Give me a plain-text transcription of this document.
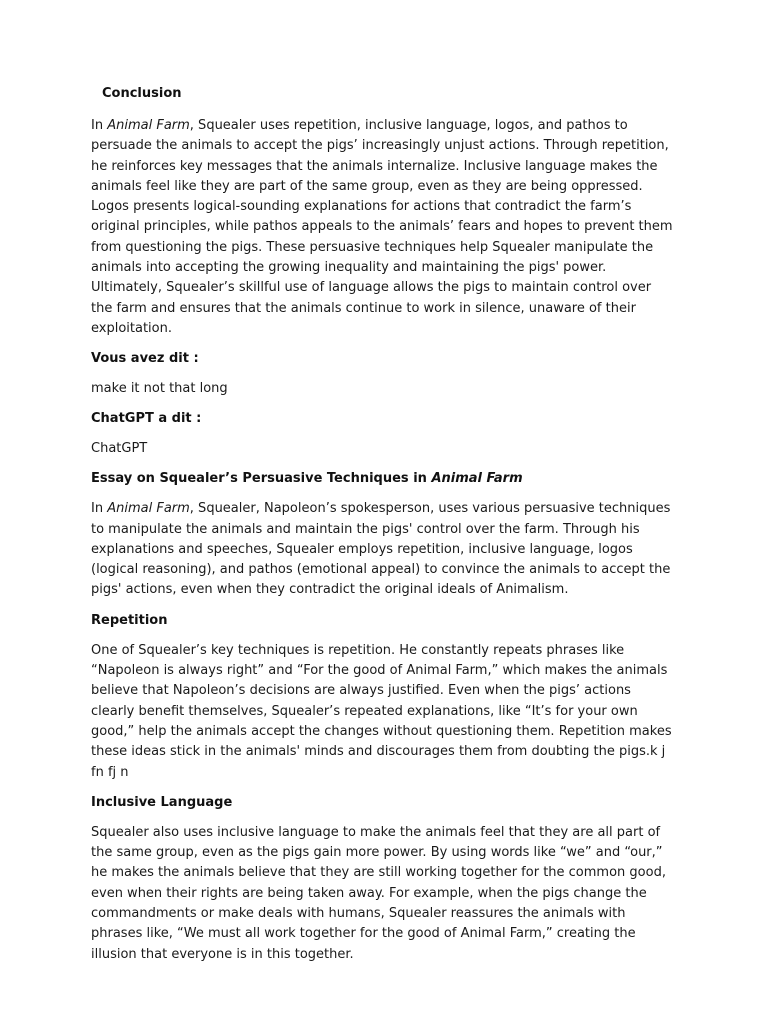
Conclusion

In Animal Farm, Squealer uses repetition, inclusive language, logos, and pathos to persuade the animals to accept the pigs’ increasingly unjust actions. Through repetition, he reinforces key messages that the animals internalize. Inclusive language makes the animals feel like they are part of the same group, even as they are being oppressed. Logos presents logical-sounding explanations for actions that contradict the farm’s original principles, while pathos appeals to the animals’ fears and hopes to prevent them from questioning the pigs. These persuasive techniques help Squealer manipulate the animals into accepting the growing inequality and maintaining the pigs' power. Ultimately, Squealer’s skillful use of language allows the pigs to maintain control over the farm and ensures that the animals continue to work in silence, unaware of their exploitation.

Vous avez dit :

make it not that long

ChatGPT a dit :

ChatGPT

Essay on Squealer’s Persuasive Techniques in Animal Farm

In Animal Farm, Squealer, Napoleon’s spokesperson, uses various persuasive techniques to manipulate the animals and maintain the pigs' control over the farm. Through his explanations and speeches, Squealer employs repetition, inclusive language, logos (logical reasoning), and pathos (emotional appeal) to convince the animals to accept the pigs' actions, even when they contradict the original ideals of Animalism.

Repetition

One of Squealer’s key techniques is repetition. He constantly repeats phrases like “Napoleon is always right” and “For the good of Animal Farm,” which makes the animals believe that Napoleon’s decisions are always justified. Even when the pigs’ actions clearly benefit themselves, Squealer’s repeated explanations, like “It’s for your own good,” help the animals accept the changes without questioning them. Repetition makes these ideas stick in the animals' minds and discourages them from doubting the pigs.k j fn fj n

Inclusive Language

Squealer also uses inclusive language to make the animals feel that they are all part of the same group, even as the pigs gain more power. By using words like “we” and “our,” he makes the animals believe that they are still working together for the common good, even when their rights are being taken away. For example, when the pigs change the commandments or make deals with humans, Squealer reassures the animals with phrases like, “We must all work together for the good of Animal Farm,” creating the illusion that everyone is in this together.
